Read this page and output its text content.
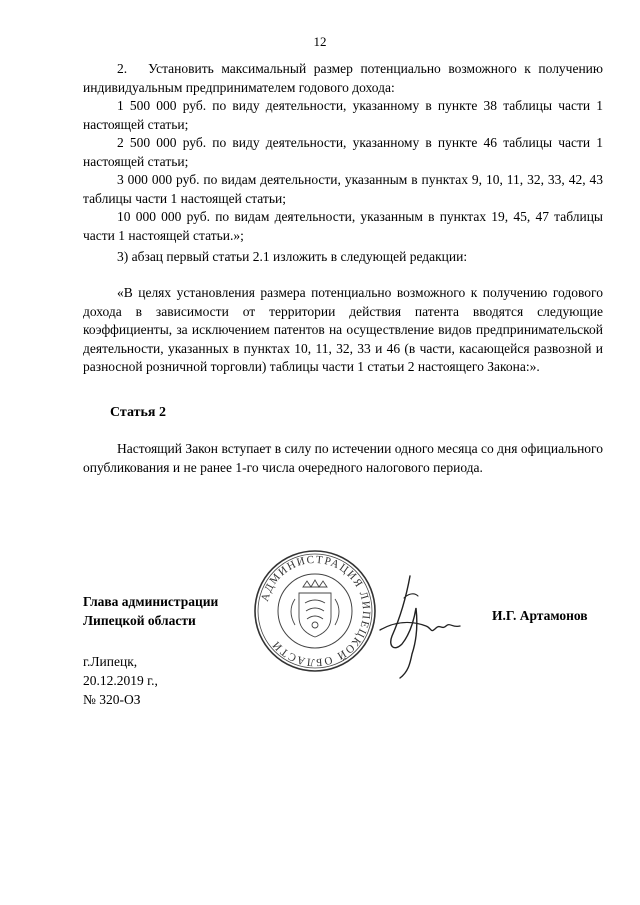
12

2.  Установить максимальный размер потенциально возможного к получению индивидуальным предпринимателем годового дохода:

1 500 000 руб. по виду деятельности, указанному в пункте 38 таблицы части 1 настоящей статьи;

2 500 000 руб. по виду деятельности, указанному в пункте 46 таблицы части 1 настоящей статьи;

3 000 000 руб. по видам деятельности, указанным в пунктах 9, 10, 11, 32, 33, 42, 43 таблицы части 1 настоящей статьи;

10 000 000 руб. по видам деятельности, указанным в пунктах 19, 45, 47 таблицы части 1 настоящей статьи.»;

3) абзац первый статьи 2.1 изложить в следующей редакции:

«В целях установления размера потенциально возможного к получению годового дохода в зависимости от территории действия патента вводятся следующие коэффициенты, за исключением патентов на осуществление видов предпринимательской деятельности, указанных в пунктах 10, 11, 32, 33 и 46 (в части, касающейся развозной и разносной розничной торговли) таблицы части 1 статьи 2 настоящего Закона:».

Статья 2

Настоящий Закон вступает в силу по истечении одного месяца со дня официального опубликования и не ранее 1-го числа очередного налогового периода.

Глава администрации
Липецкой области
АДМИНИСТРАЦИЯ ЛИПЕЦКОЙ ОБЛАСТИ
И.Г. Артамонов
г.Липецк,
20.12.2019 г.,
№ 320-ОЗ
